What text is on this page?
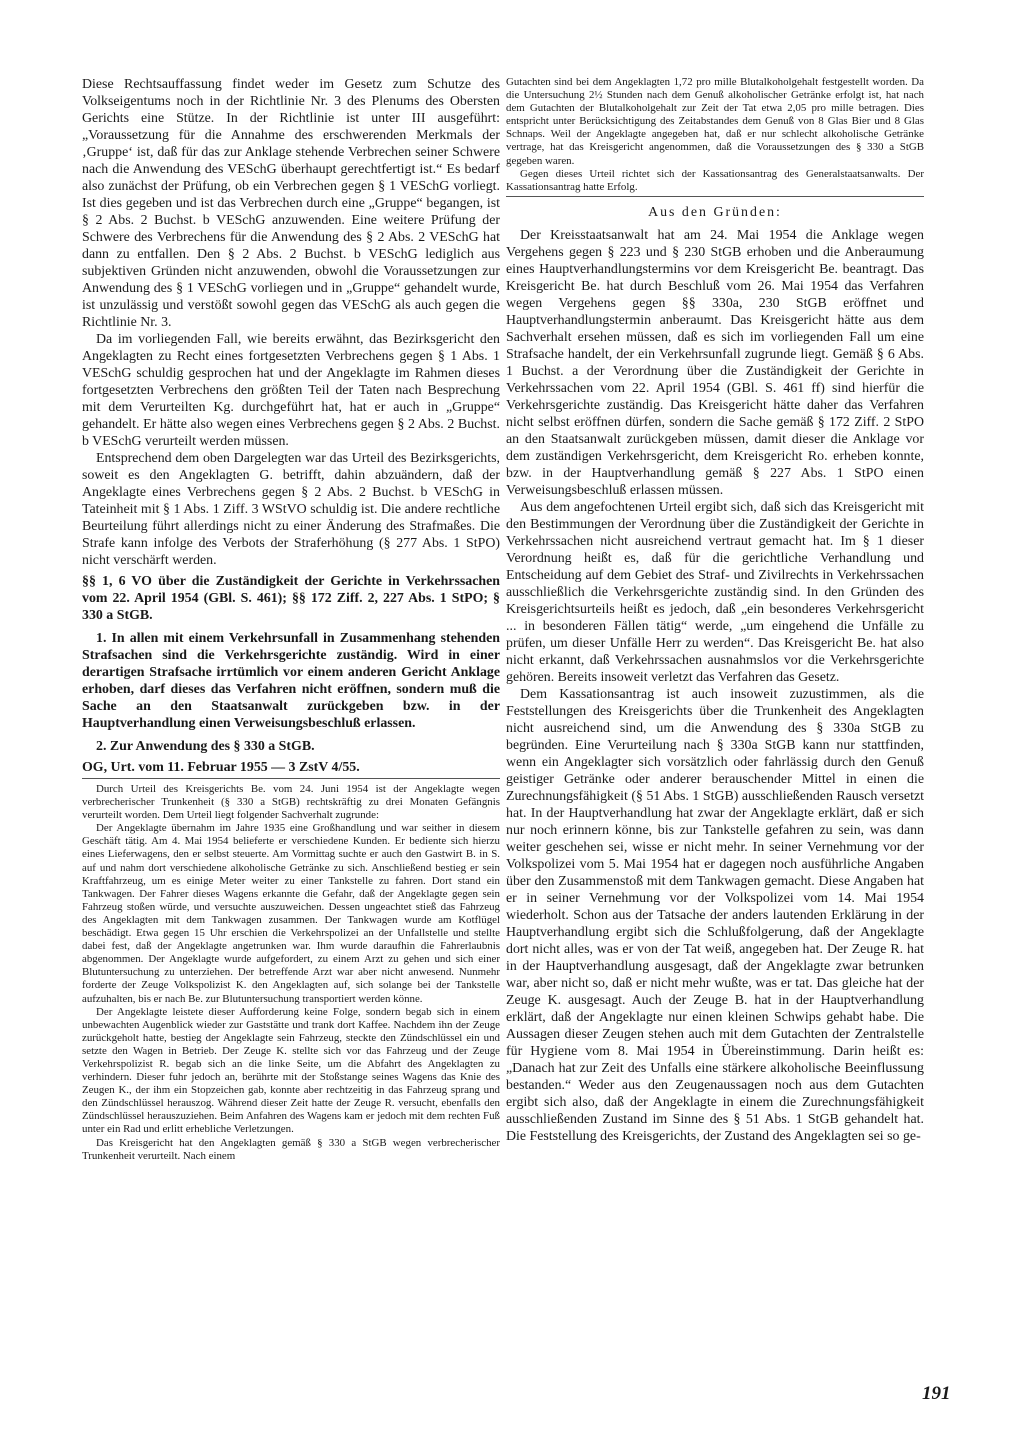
Diese Rechtsauffassung findet weder im Gesetz zum Schutze des Volkseigentums noch in der Richtlinie Nr. 3 des Plenums des Obersten Gerichts eine Stütze. In der Richtlinie ist unter III ausgeführt: „Voraussetzung für die Annahme des erschwerenden Merkmals der ‚Gruppe‘ ist, daß für das zur Anklage stehende Verbrechen seiner Schwere nach die Anwendung des VESchG überhaupt gerechtfertigt ist.“ Es bedarf also zunächst der Prüfung, ob ein Verbrechen gegen § 1 VESchG vorliegt. Ist dies gegeben und ist das Verbrechen durch eine „Gruppe“ begangen, ist § 2 Abs. 2 Buchst. b VESchG anzuwenden. Eine weitere Prüfung der Schwere des Verbrechens für die Anwendung des § 2 Abs. 2 VESchG hat dann zu entfallen. Den § 2 Abs. 2 Buchst. b VESchG lediglich aus subjektiven Gründen nicht anzuwenden, obwohl die Voraussetzungen zur Anwendung des § 1 VESchG vorliegen und in „Gruppe“ gehandelt wurde, ist unzulässig und verstößt sowohl gegen das VESchG als auch gegen die Richtlinie Nr. 3.

Da im vorliegenden Fall, wie bereits erwähnt, das Bezirksgericht den Angeklagten zu Recht eines fortgesetzten Verbrechens gegen § 1 Abs. 1 VESchG schuldig gesprochen hat und der Angeklagte im Rahmen dieses fortgesetzten Verbrechens den größten Teil der Taten nach Besprechung mit dem Verurteilten Kg. durchgeführt hat, hat er auch in „Gruppe“ gehandelt. Er hätte also wegen eines Verbrechens gegen § 2 Abs. 2 Buchst. b VESchG verurteilt werden müssen.

Entsprechend dem oben Dargelegten war das Urteil des Bezirksgerichts, soweit es den Angeklagten G. betrifft, dahin abzuändern, daß der Angeklagte eines Verbrechens gegen § 2 Abs. 2 Buchst. b VESchG in Tateinheit mit § 1 Abs. 1 Ziff. 3 WStVO schuldig ist. Die andere rechtliche Beurteilung führt allerdings nicht zu einer Änderung des Strafmaßes. Die Strafe kann infolge des Verbots der Straferhöhung (§ 277 Abs. 1 StPO) nicht verschärft werden.

§§ 1, 6 VO über die Zuständigkeit der Gerichte in Verkehrssachen vom 22. April 1954 (GBl. S. 461); §§ 172 Ziff. 2, 227 Abs. 1 StPO; § 330 a StGB.

1. In allen mit einem Verkehrsunfall in Zusammenhang stehenden Strafsachen sind die Verkehrsgerichte zuständig. Wird in einer derartigen Strafsache irrtümlich vor einem anderen Gericht Anklage erhoben, darf dieses das Verfahren nicht eröffnen, sondern muß die Sache an den Staatsanwalt zurückgeben bzw. in der Hauptverhandlung einen Verweisungsbeschluß erlassen.

2. Zur Anwendung des § 330 a StGB.

OG, Urt. vom 11. Februar 1955 — 3 ZstV 4/55.

Durch Urteil des Kreisgerichts Be. vom 24. Juni 1954 ist der Angeklagte wegen verbrecherischer Trunkenheit (§ 330 a StGB) rechtskräftig zu drei Monaten Gefängnis verurteilt worden. Dem Urteil liegt folgender Sachverhalt zugrunde:

Der Angeklagte übernahm im Jahre 1935 eine Großhandlung und war seither in diesem Geschäft tätig. Am 4. Mai 1954 belieferte er verschiedene Kunden. Er bediente sich hierzu eines Lieferwagens, den er selbst steuerte. Am Vormittag suchte er auch den Gastwirt B. in S. auf und nahm dort verschiedene alkoholische Getränke zu sich. Anschließend bestieg er sein Kraftfahrzeug, um es einige Meter weiter zu einer Tankstelle zu fahren. Dort stand ein Tankwagen. Der Fahrer dieses Wagens erkannte die Gefahr, daß der Angeklagte gegen sein Fahrzeug stoßen würde, und versuchte auszuweichen. Dessen ungeachtet stieß das Fahrzeug des Angeklagten mit dem Tankwagen zusammen. Der Tankwagen wurde am Kotflügel beschädigt. Etwa gegen 15 Uhr erschien die Verkehrspolizei an der Unfallstelle und stellte dabei fest, daß der Angeklagte angetrunken war. Ihm wurde daraufhin die Fahrerlaubnis abgenommen. Der Angeklagte wurde aufgefordert, zu einem Arzt zu gehen und sich einer Blutuntersuchung zu unterziehen. Der betreffende Arzt war aber nicht anwesend. Nunmehr forderte der Zeuge Volkspolizist K. den Angeklagten auf, sich solange bei der Tankstelle aufzuhalten, bis er nach Be. zur Blutuntersuchung transportiert werden könne.

Der Angeklagte leistete dieser Aufforderung keine Folge, sondern begab sich in einem unbewachten Augenblick wieder zur Gaststätte und trank dort Kaffee. Nachdem ihn der Zeuge zurückgeholt hatte, bestieg der Angeklagte sein Fahrzeug, steckte den Zündschlüssel ein und setzte den Wagen in Betrieb. Der Zeuge K. stellte sich vor das Fahrzeug und der Zeuge Verkehrspolizist R. begab sich an die linke Seite, um die Abfahrt des Angeklagten zu verhindern. Dieser fuhr jedoch an, berührte mit der Stoßstange seines Wagens das Knie des Zeugen K., der ihm ein Stopzeichen gab, konnte aber rechtzeitig in das Fahrzeug sprang und den Zündschlüssel herauszog. Während dieser Zeit hatte der Zeuge R. versucht, ebenfalls den Zündschlüssel herauszuziehen. Beim Anfahren des Wagens kam er jedoch mit dem rechten Fuß unter ein Rad und erlitt erhebliche Verletzungen.

Das Kreisgericht hat den Angeklagten gemäß § 330 a StGB wegen verbrecherischer Trunkenheit verurteilt. Nach einem

Gutachten sind bei dem Angeklagten 1,72 pro mille Blutalkoholgehalt festgestellt worden. Da die Untersuchung 2½ Stunden nach dem Genuß alkoholischer Getränke erfolgt ist, hat nach dem Gutachten der Blutalkoholgehalt zur Zeit der Tat etwa 2,05 pro mille betragen. Dies entspricht unter Berücksichtigung des Zeitabstandes dem Genuß von 8 Glas Bier und 8 Glas Schnaps. Weil der Angeklagte angegeben hat, daß er nur schlecht alkoholische Getränke vertrage, hat das Kreisgericht angenommen, daß die Voraussetzungen des § 330 a StGB gegeben waren.

Gegen dieses Urteil richtet sich der Kassationsantrag des Generalstaatsanwalts. Der Kassationsantrag hatte Erfolg.

Aus den Gründen:

Der Kreisstaatsanwalt hat am 24. Mai 1954 die Anklage wegen Vergehens gegen § 223 und § 230 StGB erhoben und die Anberaumung eines Hauptverhandlungstermins vor dem Kreisgericht Be. beantragt. Das Kreisgericht Be. hat durch Beschluß vom 26. Mai 1954 das Verfahren wegen Vergehens gegen §§ 330a, 230 StGB eröffnet und Hauptverhandlungstermin anberaumt. Das Kreisgericht hätte aus dem Sachverhalt ersehen müssen, daß es sich im vorliegenden Fall um eine Strafsache handelt, der ein Verkehrsunfall zugrunde liegt. Gemäß § 6 Abs. 1 Buchst. a der Verordnung über die Zuständigkeit der Gerichte in Verkehrssachen vom 22. April 1954 (GBl. S. 461 ff) sind hierfür die Verkehrsgerichte zuständig. Das Kreisgericht hätte daher das Verfahren nicht selbst eröffnen dürfen, sondern die Sache gemäß § 172 Ziff. 2 StPO an den Staatsanwalt zurückgeben müssen, damit dieser die Anklage vor dem zuständigen Verkehrsgericht, dem Kreisgericht Ro. erheben konnte, bzw. in der Hauptverhandlung gemäß § 227 Abs. 1 StPO einen Verweisungsbeschluß erlassen müssen.

Aus dem angefochtenen Urteil ergibt sich, daß sich das Kreisgericht mit den Bestimmungen der Verordnung über die Zuständigkeit der Gerichte in Verkehrssachen nicht ausreichend vertraut gemacht hat. Im § 1 dieser Verordnung heißt es, daß für die gerichtliche Verhandlung und Entscheidung auf dem Gebiet des Straf- und Zivilrechts in Verkehrssachen ausschließlich die Verkehrsgerichte zuständig sind. In den Gründen des Kreisgerichtsurteils heißt es jedoch, daß „ein besonderes Verkehrsgericht ... in besonderen Fällen tätig“ werde, „um eingehend die Unfälle zu prüfen, um dieser Unfälle Herr zu werden“. Das Kreisgericht Be. hat also nicht erkannt, daß Verkehrssachen ausnahmslos vor die Verkehrsgerichte gehören. Bereits insoweit verletzt das Verfahren das Gesetz.

Dem Kassationsantrag ist auch insoweit zuzustimmen, als die Feststellungen des Kreisgerichts über die Trunkenheit des Angeklagten nicht ausreichend sind, um die Anwendung des § 330a StGB zu begründen. Eine Verurteilung nach § 330a StGB kann nur stattfinden, wenn ein Angeklagter sich vorsätzlich oder fahrlässig durch den Genuß geistiger Getränke oder anderer berauschender Mittel in einen die Zurechnungsfähigkeit (§ 51 Abs. 1 StGB) ausschließenden Rausch versetzt hat. In der Hauptverhandlung hat zwar der Angeklagte erklärt, daß er sich nur noch erinnern könne, bis zur Tankstelle gefahren zu sein, was dann weiter geschehen sei, wisse er nicht mehr. In seiner Vernehmung vor der Volkspolizei vom 5. Mai 1954 hat er dagegen noch ausführliche Angaben über den Zusammenstoß mit dem Tankwagen gemacht. Diese Angaben hat er in seiner Vernehmung vor der Volkspolizei vom 14. Mai 1954 wiederholt. Schon aus der Tatsache der anders lautenden Erklärung in der Hauptverhandlung ergibt sich die Schlußfolgerung, daß der Angeklagte dort nicht alles, was er von der Tat weiß, angegeben hat. Der Zeuge R. hat in der Hauptverhandlung ausgesagt, daß der Angeklagte zwar betrunken war, aber nicht so, daß er nicht mehr wußte, was er tat. Das gleiche hat der Zeuge K. ausgesagt. Auch der Zeuge B. hat in der Hauptverhandlung erklärt, daß der Angeklagte nur einen kleinen Schwips gehabt habe. Die Aussagen dieser Zeugen stehen auch mit dem Gutachten der Zentralstelle für Hygiene vom 8. Mai 1954 in Übereinstimmung. Darin heißt es: „Danach hat zur Zeit des Unfalls eine stärkere alkoholische Beeinflussung bestanden.“ Weder aus den Zeugenaussagen noch aus dem Gutachten ergibt sich also, daß der Angeklagte in einem die Zurechnungsfähigkeit ausschließenden Zustand im Sinne des § 51 Abs. 1 StGB gehandelt hat. Die Feststellung des Kreisgerichts, der Zustand des Angeklagten sei so ge-

191
